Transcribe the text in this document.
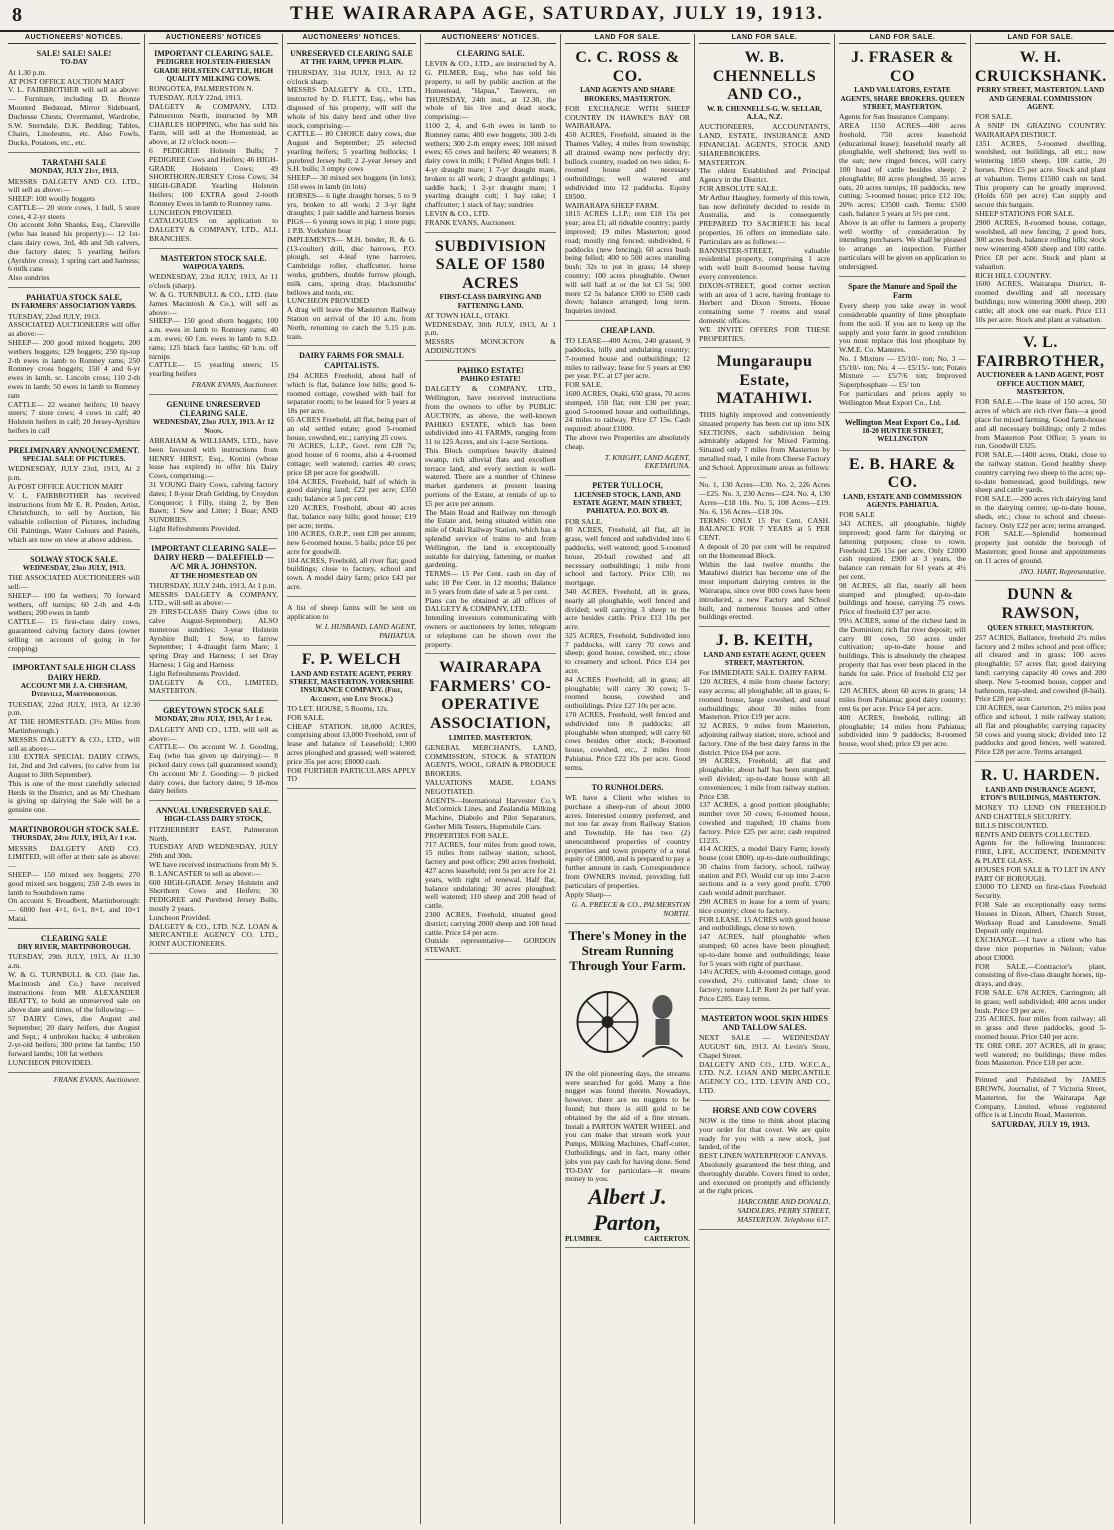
8	THE WAIRARAPA AGE, SATURDAY, JULY 19, 1913.
AUCTIONEERS' NOTICES.
SALE! SALE! SALE!
TO-DAY

At 1.30 p.m.

AT POST OFFICE AUCTION MART

V. L. FAIRBROTHER will sell as above:— Furniture, including D. Bronze Mounted Bedstead, Mirror Sideboard, Duchesse Chests, Overmantel, Wardrobe, S.W. Sterndale, D.K. Bedding; Tables, Chairs, Linoleums, etc. Also Fowls, Ducks, Potatoes, etc., etc.

TARATAHI SALE
MONDAY, JULY 21st, 1913.

MESSRS DALGETY AND CO. LTD., will sell as above:—

SHEEP: 100 woolly hoggets

CATTLE— 20 store cows, 1 bull, 5 store cows, 4 2-yr steers

On account John Shanks, Esq., Clareville (who has leased his property):— 12 1st-class dairy cows, 3rd, 4th and 5th calvers, due factory dates; 5 yearling heifers (Ayrshire cross); 1 spring cart and harness; 6 milk cans

Also sundries

PAHIATUA STOCK SALE,
IN FARMERS' ASSOCIATION YARDS.

TUESDAY, 22nd JULY, 1913.

ASSOCIATED AUCTIONEERS will offer as above:—

SHEEP— 200 good mixed hoggets; 200 wethers hoggets; 129 hoggets; 250 tip-top 2-th ewes in lamb to Romney rams; 250 Romney cross hoggets; 150 4 and 6-yr ewes in lamb, sc. Lincoln cross; 110 2-th ewes in lamb; 50 ewes in lamb to Romney ram

CATTLE— 22 weaner heifers; 10 heavy steers; 7 store cows; 4 cows in calf; 40 Holstein heifers in calf; 20 Jersey-Ayrshire heifers in calf

PRELIMINARY ANNOUNCEMENT.
SPECIAL SALE OF PICTURES.

WEDNESDAY, JULY 23rd, 1913, At 2 p.m.

At POST OFFICE AUCTION MART

V. L. FAIRBROTHER has received instructions from Mr E. R. Pruden, Artist, Christchurch, to sell by Auction, his valuable collection of Pictures, including Oil Paintings, Water Colours and Pastels, which are now on view at above address.

SOLWAY STOCK SALE.
WEDNESDAY, 23rd JULY, 1913.

THE ASSOCIATED AUCTIONEERS will sell:—

SHEEP— 100 fat wethers; 70 forward wethers, off turnips; 60 2-th and 4-th wethers; 200 ewes in lamb

CATTLE— 15 first-class dairy cows, guaranteed calving factory dates (owner selling on account of going in for cropping)

IMPORTANT SALE HIGH CLASS DAIRY HERD.
ACCOUNT MR J. A. CHESHAM, Dyerville, Martinborough.

TUESDAY, 22nd JULY, 1913, At 12.30 p.m.

AT THE HOMESTEAD. (3½ Miles from Martinborough.)

MESSRS DALGETY & CO., LTD., will sell as above:—

130 EXTRA SPECIAL DAIRY COWS, 1st, 2nd and 3rd calvers, (to calve from 1st August to 30th September).

This is one of the most carefully selected Herds in the District, and as Mr Chesham is giving up dairying the Sale will be a genuine one.

MARTINBOROUGH STOCK SALE.
THURSDAY, 24th JULY, 1913, At 1 p.m.

MESSRS DALGETY AND CO. LIMITED, will offer at their sale as above:—

SHEEP— 150 mixed sex hoggets; 270 good mixed sex hoggets; 250 2-th ewes in lamb to Southdown rams

On account S. Broadbent, Martinborough:— 6000 feet 4×1, 6×1, 8×1, and 10×1 Matai.

CLEARING SALE
DRY RIVER, MARTINBOROUGH.

TUESDAY, 29th JULY, 1913, At 11.30 a.m.

W. & G. TURNBULL & CO. (late Jas. Macintosh and Co.) have received instructions from MR ALEXANDER BEATTY, to hold an unreserved sale on above date and times, of the following:—

57 DAIRY Cows, due August and September; 20 dairy heifers, due August and Sept.; 4 unbroken hacks; 4 unbroken 2-yr-old heifers; 300 prime fat lambs; 150 forward lambs; 100 fat wethers

LUNCHEON PROVIDED.

FRANK EVANS, Auctioneer.
AUCTIONEERS' NOTICES
IMPORTANT CLEARING SALE.
PEDIGREE HOLSTEIN-FRIESIAN GRADE HOLSTEIN CATTLE, HIGH QUALITY MILKING COWS.

RONGOTEA, PALMERSTON N.

TUESDAY, JULY 22nd, 1913.

DALGETY & COMPANY, LTD. Palmerston North, instructed by MR CHARLES HOPPING, who has sold his Farm, will sell at the Homestead, as above, at 12 o'clock noon:—

6 PEDIGREE Holstein Bulls; 7 PEDIGREE Cows and Heifers; 46 HIGH-GRADE Holstein Cows; 49 SHORTHORN-JERSEY Cross Cows; 34 HIGH-GRADE Yearling Holstein Heifers; 100 EXTRA good 2-tooth Romney Ewes in lamb to Romney rams.

LUNCHEON PROVIDED.

CATALOGUES on application to DALGETY & COMPANY, LTD., ALL BRANCHES.

MASTERTON STOCK SALE.
WAIPOUA YARDS.

WEDNESDAY, 23rd JULY, 1913, At 11 o'clock (sharp).

W. & G. TURNBULL & CO., LTD. (late James Macintosh & Co.), will sell as above:—

SHEEP— 150 good shorn hoggets; 100 a.m. ewes in lamb to Romney rams; 40 a.m. ewes; 60 f.m. ewes in lamb to S.D. rams; 125 black face lambs; 60 b.m. off turnips

CATTLE— 15 yearling steers; 15 yearling heifers

FRANK EVANS, Auctioneer.
GENUINE UNRESERVED CLEARING SALE.
WEDNESDAY, 23rd JULY, 1913. At 12 Noon.

ABRAHAM & WILLIAMS, LTD., have been favoured with instructions from HENRY HIRST, Esq., Konini (whose lease has expired) to offer his Dairy Cows, comprising:—

31 YOUNG Dairy Cows, calving factory dates; 1 8-year Draft Gelding, by Croydon Conqueror; 1 Filly, rising 2, by Ben Bawn; 1 Sow and Litter; 1 Boar; AND SUNDRIES.

Light Refreshments Provided.

IMPORTANT CLEARING SALE— DAIRY HERD — DALEFIELD —A/C MR A. JOHNSTON.
AT THE HOMESTEAD ON

THURSDAY, JULY 24th, 1913, At 1 p.m.

MESSRS DALGETY & COMPANY, LTD., will sell as above:—

29 FIRST-CLASS Dairy Cows (due to calve August-September); ALSO numerous sundries; 3-year Holstein Ayrshire Bull; 1 Sow, to farrow September; 1 4-draught farm Mare; 1 spring Dray and Harness; 1 set Dray Harness; 1 Gig and Harness

Light Refreshments Provided.

DALGETY & CO., LIMITED, MASTERTON.

GREYTOWN STOCK SALE
MONDAY, 28th JULY, 1913, At 1 p.m.

DALGETY AND CO., LTD. will sell as above:—

CATTLE— On account W. J. Gooding, Esq (who has given up dairying):— 8 picked dairy cows (all guaranteed sound); On account Mr J. Gooding:— 9 picked dairy cows, due factory dates; 9 18-mos dairy heifers

ANNUAL UNRESERVED SALE.
HIGH-CLASS DAIRY STOCK,

FITZHERBERT EAST, Palmerston North.

TUESDAY AND WEDNESDAY, JULY 29th and 30th.

WE have received instructions from Mr S. R. LANCASTER to sell as above:—

600 HIGH-GRADE Jersey Holstein and Shorthorn Cows and Heifers; 30 PEDIGREE and Purebred Jersey Bulls, mostly 2 years.

Luncheon Provided.

DALGETY & CO., LTD. N.Z. LOAN & MERCANTILE AGENCY CO. LTD., JOINT AUCTIONEERS.

AUCTIONEERS' NOTICES.
UNRESERVED CLEARING SALE
AT THE FARM, UPPER PLAIN.

THURSDAY, 31st JULY, 1913, At 12 o'clock sharp.

MESSRS DALGETY & CO., LTD., instructed by D. FLETT, Esq., who has disposed of his property, will sell the whole of his dairy herd and other live stock, comprising:—

CATTLE— 80 CHOICE dairy cows, due August and September; 25 selected yearling heifers; 5 yearling bullocks; 1 purebred Jersey bull; 2 2-year Jersey and S.H. bulls; 3 empty cows

SHEEP— 30 mixed sex hoggets (in lots); 150 ewes in lamb (in lots)

HORSES— 6 light draught horses, 5 to 9 yrs, broken to all work; 2 3-yr light draughts; 1 pair saddle and harness horses

PIGS— 6 young sows in pig; 1 store pigs; 1 P.B. Yorkshire boar

IMPLEMENTS— M.H. binder, R. & G. (13-coulter) drill, disc harrows, P.O. plough, set 4-leaf tyne harrows, Cambridge roller, chaffcutter, horse works, grubbers, double furrow plough, milk cans, spring dray, blacksmiths' bellows and tools, etc.

LUNCHEON PROVIDED

A drag will leave the Masterton Railway Station on arrival of the 10 a.m. from North, returning to catch the 5.15 p.m. train.

DAIRY FARMS FOR SMALL CAPITALISTS.

194 ACRES Freehold, about half of which is flat, balance low hills; good 6-roomed cottage, cowshed with bail for separator room; to be leased for 5 years at 18s per acre.

65 ACRES Freehold, all flat, being part of an old settled estate; good 5-roomed house, cowshed, etc.; carrying 25 cows.

70 ACRES, L.I.P., Govt. rent £28 7s; good house of 6 rooms, also a 4-roomed cottage; well watered; carries 40 cows; price £8 per acre for goodwill.

104 ACRES, Freehold, half of which is good dairying land; £22 per acre; £350 cash; balance at 5 per cent.

120 ACRES, Freehold, about 40 acres flat, balance easy hills; good house; £19 per acre; terms.

100 ACRES, O.R.P., rent £28 per annum; new 6-roomed house, 5 bails; price £6 per acre for goodwill.

104 ACRES, Freehold, all river flat; good buildings; close to factory, school and town. A model dairy farm; price £43 per acre.

A list of sheep farms will be sent on application to

W. I. HUSBAND, LAND AGENT, PAHIATUA.
F. P. WELCH
LAND AND ESTATE AGENT, PERRY STREET, MASTERTON. YORKSHIRE INSURANCE COMPANY. (Fire, Accident, and Live Stock.)

TO LET. HOUSE, 5 Rooms, 12s.

FOR SALE.

CHEAP STATION. 18,000 ACRES, comprising about 13,000 Freehold, rent of lease and balance of Leasehold; 1,900 acres ploughed and grassed; well watered; price 35s per acre; £8000 cash.

FOR FURTHER PARTICULARS APPLY TO

AUCTIONEERS' NOTICES.
CLEARING SALE.

LEVIN & CO., LTD., are instructed by A. G. PILMER, Esq., who has sold his property, to sell by public auction at the Homestead, "Hapua," Tauweru, on THURSDAY, 24th inst., at 12.30, the whole of his live and dead stock, comprising:—

1100 2, 4, and 6-th ewes in lamb to Romney rams; 400 ewe hoggets; 300 2-th wethers; 300 2-th empty ewes; 100 mixed ewes; 65 cows and heifers; 40 weaners; 8 dairy cows in milk; 1 Polled Angus bull; 1 4-yr draught mare; 1 7-yr draught mare, broken to all work; 2 draught geldings; 1 saddle hack; 1 2-yr draught mare; 1 yearling draught colt; 1 hay rake; 1 chaffcutter; 1 stack of hay; sundries

LEVIN & CO., LTD.

FRANK EVANS, Auctioneer.

SUBDIVISION SALE OF 1580 ACRES
FIRST-CLASS DAIRYING AND FATTENING LAND.

AT TOWN HALL, OTAKI.

WEDNESDAY, 30th JULY, 1913, At 1 p.m.

MESSRS MONCKTON & ADDINGTON'S

PAHIKO ESTATE!
PAHIKO ESTATE!

DALGETY & COMPANY, LTD., Wellington, have received instructions from the owners to offer by PUBLIC AUCTION, as above, the well-known PAHIKO ESTATE, which has been subdivided into 41 FARMS, ranging from 11 to 125 Acres, and six 1-acre Sections.

This Block comprises heavily drained swamp, rich alluvial flats and excellent terrace land, and every section is well-watered. There are a number of Chinese market gardeners at present leasing portions of the Estate, at rentals of up to £5 per acre per annum.

The Main Road and Railway run through the Estate and, being situated within one mile of Otaki Railway Station, which has a splendid service of trains to and from Wellington, the land is exceptionally suitable for dairying, fattening, or market gardening.

TERMS— 15 Per Cent. cash on day of sale; 10 Per Cent. in 12 months; Balance in 5 years from date of sale at 5 per cent.

Plans can be obtained at all offices of DALGETY & COMPANY, LTD.

Intending investors communicating with owners or auctioneers by letter, telegram or telephone can be shown over the property.

WAIRARAPA FARMERS' CO-OPERATIVE ASSOCIATION,
LIMITED. MASTERTON.

GENERAL MERCHANTS, LAND, COMMISSION, STOCK & STATION AGENTS, WOOL, GRAIN & PRODUCE BROKERS.

VALUATIONS MADE. LOANS NEGOTIATED.

AGENTS—International Harvester Co.'s McCormick Lines, and Zealandia Milking Machine, Diabolo and Pilot Separators, Gerber Milk Testers, Hupmobile Cars.

PROPERTIES FOR SALE.

717 ACRES, four miles from good town, 15 miles from railway station, school, factory and post office; 290 acres freehold, 427 acres leasehold; rent 5s per acre for 21 years, with right of renewal. Half flat, balance undulating; 30 acres ploughed; well watered; 110 sheep and 200 head of cattle.

2300 ACRES, Freehold, situated good district; carrying 2000 sheep and 100 head cattle. Price £4 per acre.

Outside representative— GORDON STEWART.

LAND FOR SALE.
C. C. ROSS & CO.
LAND AGENTS AND SHARE BROKERS, MASTERTON.

FOR EXCHANGE WITH SHEEP COUNTRY IN HAWKE'S BAY OR WAIRARAPA.

450 ACRES, Freehold, situated in the Thames Valley, 4 miles from township; all drained swamp now perfectly dry; bullock country, roaded on two sides; 6-roomed house and necessary outbuildings; well watered and subdivided into 12 paddocks. Equity £8500.

WAIRARAPA SHEEP FARM.

1815 ACRES L.I.P.; rent £18 15s per year; area £1; all rideable country; partly improved; 19 miles Masterton; good road; mostly ring fenced; subdivided, 6 paddocks (new fencing); 60 acres bush being felled; 400 to 500 acres standing bush; 32s to put in grass; 14 sheep country; 100 acres ploughable. Owner will sell half at or the lot £3 5s; 500 more £2 5s balance £300 to £500 cash down; balance arranged; long term. Inquiries invited.

CHEAP LAND.

TO LEASE—400 Acres, 240 grassed, 9 paddocks, hilly and undulating country; 7-roomed house and outbuildings; 12 miles to railway; lease for 5 years at £90 per year. P.C. at £7 per acre.

FOR SALE.

1600 ACRES, Otaki, 650 grass, 70 acres stumped, 150 flat; rent £30 per year; good 5-roomed house and outbuildings, 24 miles to railway. Price £7 15s. Cash required: about £1000.

The above two Properties are absolutely cheap.

T. KNIGHT, LAND AGENT, EKETAHUNA.
PETER TULLOCH,
LICENSED STOCK, LAND, AND ESTATE AGENT, MAIN STREET, PAHIATUA. P.O. BOX 49.

FOR SALE.

80 ACRES, Freehold, all flat, all in grass, well fenced and subdivided into 6 paddocks, well watered; good 5-roomed house, 20-bail cowshed and all necessary outbuildings; 1 mile from school and factory. Price £30; no mortgage.

340 ACRES, Freehold, all in grass, nearly all ploughable, well fenced and divided; well carrying 3 sheep to the acre besides cattle. Price £13 10s per acre.

325 ACRES, Freehold, Subdivided into 7 paddocks, will carry 70 cows and sheep; good house, cowshed, etc.; close to creamery and school. Price £14 per acre.

84 ACRES Freehold; all in grass; all ploughable; will carry 30 cows; 5-roomed house, cowshed and outbuildings. Price £27 10s per acre.

170 ACRES, Freehold, well fenced and subdivided into 8 paddocks; all ploughable when stumped; will carry 60 cows besides other stock; 8-roomed house, cowshed, etc., 2 miles from Pahiatua. Price £22 10s per acre. Good terms.

TO RUNHOLDERS.

WE have a Client who wishes to purchase a sheep-run of about 3000 acres. Interested country preferred, and not too far away from Railway Station and Township. He has two (2) unencumbered properties of country properties and town property of a total equity of £8000, and is prepared to pay a further amount in cash. Correspondence from OWNERS invited, providing full particulars of properties.

Apply Sharp—

G. A. PREECE & CO., PALMERSTON NORTH.
There's Money in the Stream Running Through Your Farm.
IN the old pioneering days, the streams were searched for gold. Many a fine nugget was found therein. Nowadays, however, there are no nuggets to be found; but there is still gold to be obtained by the aid of a fine stream. Install a PARTON WATER WHEEL and you can make that stream work your Pumps, Milking Machines, Chaff-cutter, Outbuildings, and in fact, many other jobs you pay cash for having done. Send TO-DAY for particulars—it means money to you.
Albert J. Parton,
PLUMBER.	CARTERTON.
LAND FOR SALE.
W. B. CHENNELLS AND CO.,
W. B. CHENNELLS-G. W. SELLAR, A.I.A., N.Z.

AUCTIONEERS, ACCOUNTANTS, LAND, ESTATE, INSURANCE AND FINANCIAL AGENTS, STOCK AND SHAREBROKERS.

MASTERTON.

The oldest Established and Principal Agency in the District.

FOR ABSOLUTE SALE.

Mr Arthur Haughey, formerly of this town, has now definitely decided to reside in Australia, and is consequently PREPARED TO SACRIFICE his local properties, 16 offers on immediate sale. Particulars are as follows:—

BANNISTER-STREET, valuable residential property, comprising 1 acre with well built 8-roomed house having every convenience.

DIXON-STREET, good corner section with an area of 1 acre, having frontage to Herbert and Dixon Streets. House containing some 7 rooms and usual domestic offices.

WE INVITE OFFERS FOR THESE PROPERTIES.

Mungaraupu Estate, MATAHIWI.

THIS highly improved and conveniently situated property has been cut up into SIX SECTIONS, each subdivision being admirably adapted for Mixed Farming. Situated only 7 miles from Masterton by metalled road, 1 mile from Cheese Factory and School. Approximate areas as follows:—

No. 1, 130 Acres—£30. No. 2, 226 Acres—£25. No. 3, 230 Acres—£24. No. 4, 130 Acres—£18 10s. No. 5, 108 Acres—£19. No. 6, 156 Acres—£18 10s.

TERMS: ONLY 15 Per Cent. CASH. BALANCE FOR 7 YEARS at 5 PER CENT.

A deposit of 20 per cent will be required on the Homestead Block.

Within the last twelve months the Matahiwi district has become one of the most important dairying centres in the Wairarapa, since over 800 cows have been introduced, a new Factory and School built, and numerous houses and other buildings erected.

J. B. KEITH,
LAND AND ESTATE AGENT, QUEEN STREET, MASTERTON.

For IMMEDIATE SALE. DAIRY FARM.

120 ACRES, 4 mile from cheese factory; easy access; all ploughable; all in grass; 6-roomed house, large cowshed, and usual outbuildings; about 30 miles from Masterton. Price £19 per acre.

32 ACRES, 9 miles from Masterton, adjoining railway station, store, school and factory. One of the best dairy farms in the district. Price £64 per acre.

99 ACRES, Freehold; all flat and ploughable; about half has been stumped; well divided; up-to-date house with all conveniences; 1 mile from railway station. Price £38.

137 ACRES, a good portion ploughable; number over 50 cows; 6-roomed house, cowshed and trapshed; 10 chains from factory. Price £25 per acre; cash required £1235.

414 ACRES, a model Dairy Farm; lovely house (cost £800), up-to-date outbuildings; 30 chains from factory, school, railway station and P.O. Would cut up into 2-acre sections and is a very good profit. £700 cash would admit purchaser.

290 ACRES to lease for a term of years; nice country; close to factory.

FOR LEASE. 15 ACRES with good house and outbuildings, close to town.

147 ACRES, half ploughable when stumped; 60 acres have been ploughed; up-to-date house and outbuildings; lease for 5 years with right of purchase.

14½ ACRES, with 4-roomed cottage, good cowshed, 2½ cultivated land; close to factory; tenure L.I.P. Rent 2s per half year. Price £285. Easy terms.

MASTERTON WOOL SKIN HIDES AND TALLOW SALES.

NEXT SALE — WEDNESDAY AUGUST 6th, 1913. At Levin's Store, Chapel Street.

DALGETY AND CO., LTD. W.F.C.A., LTD. N.Z. LOAN AND MERCANTILE AGENCY CO., LTD. LEVIN AND CO., LTD.

HORSE AND COW COVERS

NOW is the time to think about placing your order for that cover. We are quite ready for you with a new stock, just landed, of the

BEST LINEN WATERPROOF CANVAS.

Absolutely guaranteed the best thing, and thoroughly durable. Covers fitted to order, and executed on promptly and efficiently at the right prices.

HARCOMBE AND DONALD, SADDLERS, PERRY STREET, MASTERTON. Telephone 617.
LAND FOR SALE.
J. FRASER & CO
LAND VALUATORS, ESTATE AGENTS, SHARE BROKERS. QUEEN STREET, MASTERTON.

Agents for Sun Insurance Company.

AREA 1150 ACRES—400 acres freehold, 750 acres leasehold (educational lease); leasehold nearly all ploughable, well sheltered; lies well to the sun; new ringed fences, will carry 100 head of cattle besides sheep; 2 ploughable; 80 acres ploughed, 35 acres oats, 20 acres turnips, 10 paddocks, new cutting; 5-roomed house; price £12 10s; 20% acres; £3500 cash. Terms: £500 cash, balance 5 years at 5½ per cent.

Above is an offer to farmers a property well worthy of consideration by intending purchasers. We shall be pleased to arrange an inspection. Further particulars will be given on application to undersigned.

Spare the Manure and Spoil the Farm

Every sheep you take away in wool considerable quantity of lime phosphate from the soil. If you are to keep up the supply and your farm in good condition you must replace this lost phosphate by W.M.E. Co. Manures.

No. 1 Mixture — £5/10/- ton; No. 3 — £5/10/- ton; No. 4 — £5/15/- ton; Potato Mixture — £5/7/6 ton; Improved Superphosphate — £5/ ton

For particulars and prices apply to Wellington Meat Export Co., Ltd.

Wellington Meat Export Co., Ltd.
18-20 HUNTER STREET, WELLINGTON
E. B. HARE & CO.
LAND, ESTATE AND COMMISSION AGENTS. PAHIATUA.

FOR SALE

343 ACRES, all ploughable, highly improved; good farm for dairying or fattening purposes; close to town. Freehold £26 15s per acre. Only £2000 cash required. £900 at 3 years, the balance can remain for 61 years at 4½ per cent.

98 ACRES, all flat, nearly all been stumped and ploughed; up-to-date buildings and house, carrying 75 cows. Price of freehold £37 per acre.

99½ ACRES, some of the richest land in the Dominion; rich flat river deposit; will carry 80 cows, 50 acres under cultivation; up-to-date house and buildings. This is absolutely the cheapest property that has ever been placed in the hands for sale. Price of freehold £32 per acre.

120 ACRES, about 60 acres in grass; 14 miles from Pahiatua; good dairy country; rent 6s per acre. Price £4 per acre.

400 ACRES, freehold, rolling; all ploughable; 14 miles from Pahiatua; subdivided into 9 paddocks; 8-roomed house, wool shed; price £9 per acre.

LAND FOR SALE.
W. H. CRUICKSHANK.
PERRY STREET, MASTERTON. LAND AND GENERAL COMMISSION AGENT.

FOR SALE.

A SNIP IN GRAZING COUNTRY. WAIRARAPA DISTRICT.

1351 ACRES, 5-roomed dwelling, woolshed, out buildings, all etc.; now wintering 1850 sheep, 108 cattle, 20 horses. Price £5 per acre. Stock and plant at valuation. Terms £1500 cash on land. This property can be greatly improved. (Holds 650 per acre) Can supply and secure this bargain.

SHEEP STATIONS FOR SALE.

2900 ACRES, 8-roomed house, cottage, woolshed, all new fencing, 2 good huts, 300 acres bush, balance rolling hills; stock now wintering 4500 sheep and 100 cattle. Price £8 per acre. Stock and plant at valuation.

RICH HILL COUNTRY.

1600 ACRES, Wairarapa District, 8-roomed dwelling and all necessary buildings; now wintering 3000 sheep, 200 cattle; all stock one ear mark. Price £11 10s per acre. Stock and plant at valuation.

V. L. FAIRBROTHER,
AUCTIONEER & LAND AGENT, POST OFFICE AUCTION MART, MASTERTON.

FOR SALE.—The lease of 150 acres, 50 acres of which are rich river flats—a good place for mixed farming. Good farm-house and all necessary buildings; only 2 miles from Masterton Post Office; 5 years to run. Goodwill £325.

FOR SALE.—1400 acres, Otaki, close to the railway station. Good healthy sheep country carrying two sheep to the acre; up-to-date homestead, good buildings, new sheep and cattle yards.

FOR SALE.—200 acres rich dairying land in the dairying centre; up-to-date house, sheds, etc.; close to school and cheese-factory. Only £22 per acre; terms arranged.

FOR SALE.—Splendid homestead property just outside the borough of Masterton; good house and appointments on 11 acres of ground.

JNO. HART, Representative.
DUNN & RAWSON,
QUEEN STREET, MASTERTON.

257 ACRES, Ballance, freehold 2½ miles factory and 2 miles school and post office; all cleared and in grass; 100 acres ploughable; 57 acres flat; good dairying land; carrying capacity 40 cows and 200 sheep. New 5-roomed house, copper and bathroom, trap-shed, and cowshed (8-bail). Price £28 per acre.

130 ACRES, near Carterton, 2½ miles post office and school, 1 mile railway station; all flat and ploughable; carrying capacity 50 cows and young stock; divided into 12 paddocks and good fences, well watered. Price £28 per acre. Terms arranged.

R. U. HARDEN.
LAND AND INSURANCE AGENT, ETON'S BUILDINGS, MASTERTON.

MONEY TO LEND ON FREEHOLD AND CHATTELS SECURITY.

BILLS DISCOUNTED.

RENTS AND DEBTS COLLECTED.

Agents for the following Insurances: FIRE, LIFE, ACCIDENT, INDEMNITY & PLATE GLASS.

HOUSES FOR SALE & TO LET IN ANY PART OF BOROUGH.

£3000 TO LEND on first-class Freehold Security.

FOR Sale an exceptionally easy terms Houses in Dixon, Albert, Church Street, Worksop Road and Lansdowne. Small Deposit only required.

EXCHANGE.—I have a client who has three nice properties in Nelson; value about £3000.

FOR SALE.—Contractor's plant, consisting of five-class draught horses, tip-drays, and dray.

FOR SALE. 678 ACRES, Carrington; all in grass; well subdivided; 400 acres under bush. Price £9 per acre.

235 ACRES, four miles from railway; all in grass and three paddocks, good 5-roomed house. Price £40 per acre.

TE ORE ORE. 207 ACRES, all in grass; well watered; no buildings; three miles from Masterton. Price £18 per acre.

Printed and Published by JAMES BROWN, Journalist, of 7 Victoria Street, Masterton, for the Wairarapa Age Company, Limited, whose registered office is at Lincoln Road, Masterton.
SATURDAY, JULY 19, 1913.
